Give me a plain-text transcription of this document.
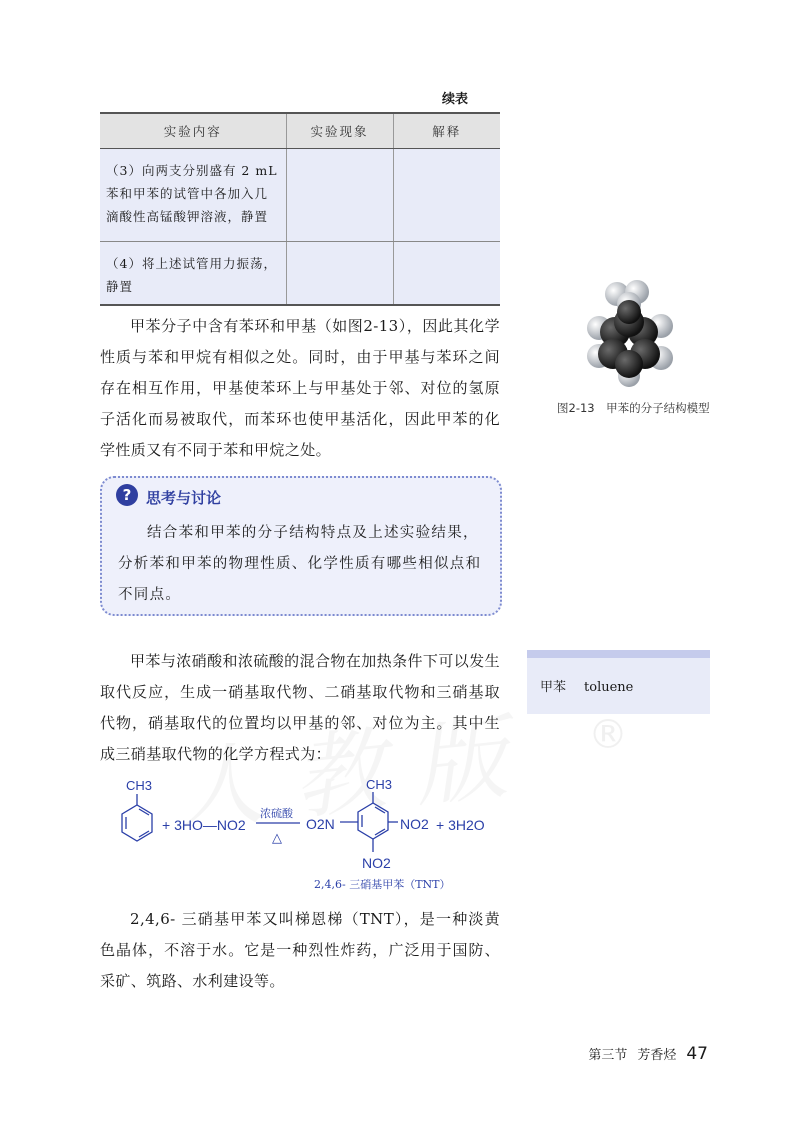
续表
实验内容	实验现象	解释
（3）向两支分别盛有 2 mL 苯和甲苯的试管中各加入几滴酸性高锰酸钾溶液，静置		
（4）将上述试管用力振荡，静置		
甲苯分子中含有苯环和甲基（如图2-13），因此其化学性质与苯和甲烷有相似之处。同时，由于甲基与苯环之间存在相互作用，甲基使苯环上与甲基处于邻、对位的氢原子活化而易被取代，而苯环也使甲基活化，因此甲苯的化学性质又有不同于苯和甲烷之处。
图2-13　甲苯的分子结构模型
? 思考与讨论
结合苯和甲苯的分子结构特点及上述实验结果，分析苯和甲苯的物理性质、化学性质有哪些相似点和不同点。
甲苯与浓硝酸和浓硫酸的混合物在加热条件下可以发生取代反应，生成一硝基取代物、二硝基取代物和三硝基取代物，硝基取代的位置均以甲基的邻、对位为主。其中生成三硝基取代物的化学方程式为：
甲苯 toluene
®
CH3
+ 3HO—NO2
浓硫酸
△
O2N
CH3
NO2
NO2
+ 3H2O
2,4,6- 三硝基甲苯（TNT）
2,4,6- 三硝基甲苯又叫梯恩梯（TNT），是一种淡黄色晶体，不溶于水。它是一种烈性炸药，广泛用于国防、采矿、筑路、水利建设等。
第三节 芳香烃 47
